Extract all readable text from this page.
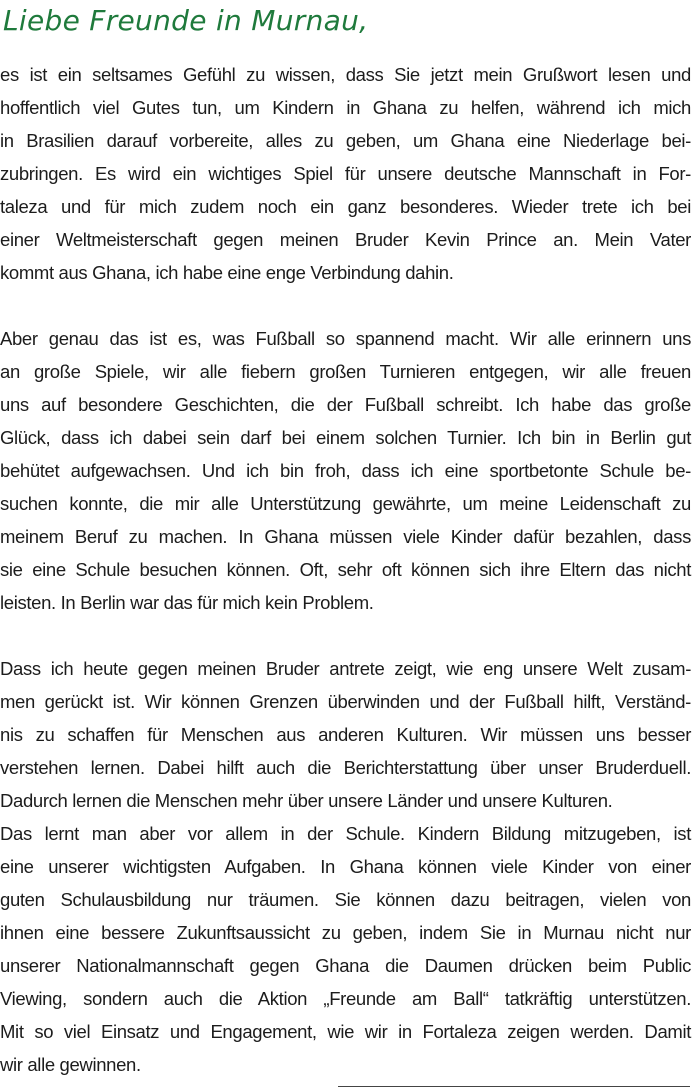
Liebe Freunde in Murnau,
es ist ein seltsames Gefühl zu wissen, dass Sie jetzt mein Grußwort lesen und
hoffentlich viel Gutes tun, um Kindern in Ghana zu helfen, während ich mich
in Brasilien darauf vorbereite, alles zu geben, um Ghana eine Niederlage bei-
zubringen. Es wird ein wichtiges Spiel für unsere deutsche Mannschaft in For-
taleza und für mich zudem noch ein ganz besonderes. Wieder trete ich bei
einer Weltmeisterschaft gegen meinen Bruder Kevin Prince an. Mein Vater
kommt aus Ghana, ich habe eine enge Verbindung dahin.
Aber genau das ist es, was Fußball so spannend macht. Wir alle erinnern uns
an große Spiele, wir alle fiebern großen Turnieren entgegen, wir alle freuen
uns auf besondere Geschichten, die der Fußball schreibt. Ich habe das große
Glück, dass ich dabei sein darf bei einem solchen Turnier. Ich bin in Berlin gut
behütet aufgewachsen. Und ich bin froh, dass ich eine sportbetonte Schule be-
suchen konnte, die mir alle Unterstützung gewährte, um meine Leidenschaft zu
meinem Beruf zu machen. In Ghana müssen viele Kinder dafür bezahlen, dass
sie eine Schule besuchen können. Oft, sehr oft können sich ihre Eltern das nicht
leisten. In Berlin war das für mich kein Problem.
Dass ich heute gegen meinen Bruder antrete zeigt, wie eng unsere Welt zusam-
men gerückt ist. Wir können Grenzen überwinden und der Fußball hilft, Verständ-
nis zu schaffen für Menschen aus anderen Kulturen. Wir müssen uns besser
verstehen lernen. Dabei hilft auch die Berichterstattung über unser Bruderduell.
Dadurch lernen die Menschen mehr über unsere Länder und unsere Kulturen.
Das lernt man aber vor allem in der Schule. Kindern Bildung mitzugeben, ist
eine unserer wichtigsten Aufgaben. In Ghana können viele Kinder von einer
guten Schulausbildung nur träumen. Sie können dazu beitragen, vielen von
ihnen eine bessere Zukunftsaussicht zu geben, indem Sie in Murnau nicht nur
unserer Nationalmannschaft gegen Ghana die Daumen drücken beim Public
Viewing, sondern auch die Aktion „Freunde am Ball“ tatkräftig unterstützen.
Mit so viel Einsatz und Engagement, wie wir in Fortaleza zeigen werden. Damit
wir alle gewinnen.
